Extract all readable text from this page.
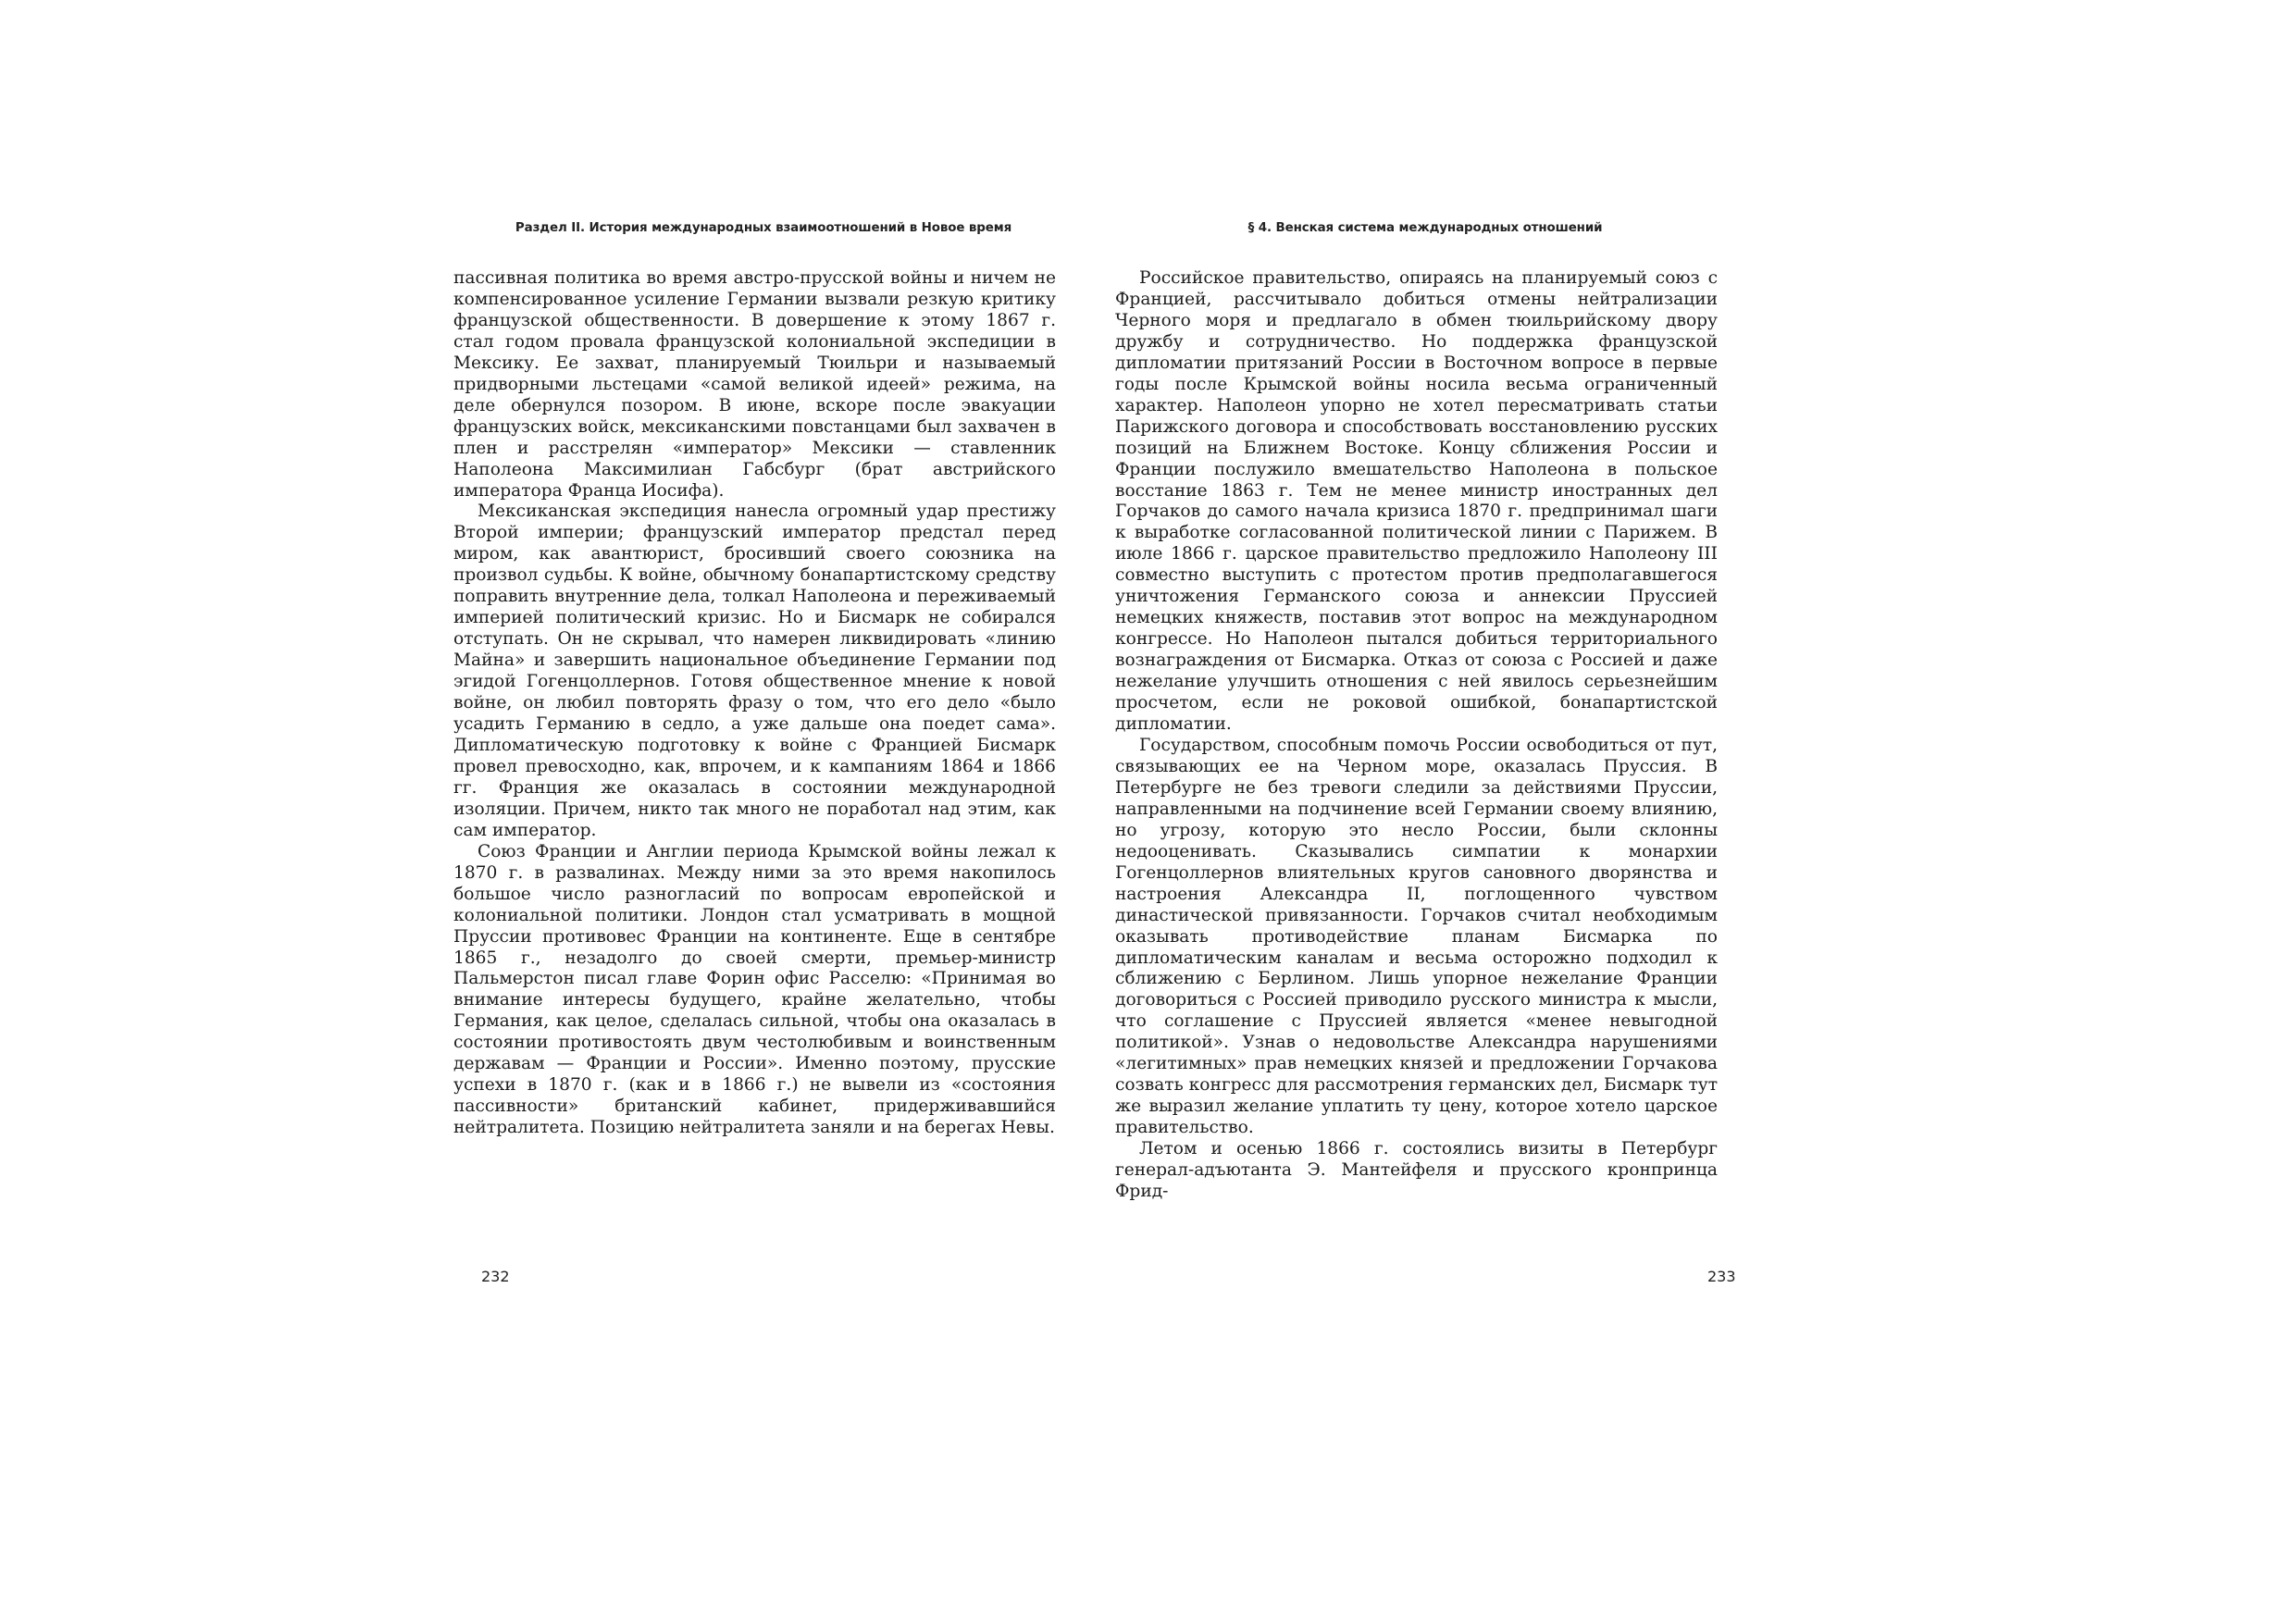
Раздел II. История международных взаимоотношений в Новое время

пассивная политика во время австро-прусской войны и ничем не компенсированное усиление Германии вызвали резкую критику французской общественности. В довершение к этому 1867 г. стал годом провала французской колониальной экспедиции в Мексику. Ее захват, планируемый Тюильри и называемый придворными льстецами «самой великой идеей» режима, на деле обернулся позором. В июне, вскоре после эвакуации французских войск, мексиканскими повстанцами был захвачен в плен и расстрелян «император» Мексики — ставленник Наполеона Максимилиан Габсбург (брат австрийского императора Франца Иосифа).

Мексиканская экспедиция нанесла огромный удар престижу Второй империи; французский император предстал перед миром, как авантюрист, бросивший своего союзника на произвол судьбы. К войне, обычному бонапартистскому средству поправить внутренние дела, толкал Наполеона и переживаемый империей политический кризис. Но и Бисмарк не собирался отступать. Он не скрывал, что намерен ликвидировать «линию Майна» и завершить национальное объединение Германии под эгидой Гогенцоллернов. Готовя общественное мнение к новой войне, он любил повторять фразу о том, что его дело «было усадить Германию в седло, а уже дальше она поедет сама». Дипломатическую подготовку к войне с Францией Бисмарк провел превосходно, как, впрочем, и к кампаниям 1864 и 1866 гг. Франция же оказалась в состоянии международной изоляции. Причем, никто так много не поработал над этим, как сам император.

Союз Франции и Англии периода Крымской войны лежал к 1870 г. в развалинах. Между ними за это время накопилось большое число разногласий по вопросам европейской и колониальной политики. Лондон стал усматривать в мощной Пруссии противовес Франции на континенте. Еще в сентябре 1865 г., незадолго до своей смерти, премьер-министр Пальмерстон писал главе Форин офис Расселю: «Принимая во внимание интересы будущего, крайне желательно, чтобы Германия, как целое, сделалась сильной, чтобы она оказалась в состоянии противостоять двум честолюбивым и воинственным державам — Франции и России». Именно поэтому, прусские успехи в 1870 г. (как и в 1866 г.) не вывели из «состояния пассивности» британский кабинет, придерживавшийся нейтралитета. Позицию нейтралитета заняли и на берегах Невы.

232
§ 4. Венская система международных отношений

Российское правительство, опираясь на планируемый союз с Францией, рассчитывало добиться отмены нейтрализации Черного моря и предлагало в обмен тюильрийскому двору дружбу и сотрудничество. Но поддержка французской дипломатии притязаний России в Восточном вопросе в первые годы после Крымской войны носила весьма ограниченный характер. Наполеон упорно не хотел пересматривать статьи Парижского договора и способствовать восстановлению русских позиций на Ближнем Востоке. Концу сближения России и Франции послужило вмешательство Наполеона в польское восстание 1863 г. Тем не менее министр иностранных дел Горчаков до самого начала кризиса 1870 г. предпринимал шаги к выработке согласованной политической линии с Парижем. В июле 1866 г. царское правительство предложило Наполеону III совместно выступить с протестом против предполагавшегося уничтожения Германского союза и аннексии Пруссией немецких княжеств, поставив этот вопрос на международном конгрессе. Но Наполеон пытался добиться территориального вознаграждения от Бисмарка. Отказ от союза с Россией и даже нежелание улучшить отношения с ней явилось серьезнейшим просчетом, если не роковой ошибкой, бонапартистской дипломатии.

Государством, способным помочь России освободиться от пут, связывающих ее на Черном море, оказалась Пруссия. В Петербурге не без тревоги следили за действиями Пруссии, направленными на подчинение всей Германии своему влиянию, но угрозу, которую это несло России, были склонны недооценивать. Сказывались симпатии к монархии Гогенцоллернов влиятельных кругов сановного дворянства и настроения Александра II, поглощенного чувством династической привязанности. Горчаков считал необходимым оказывать противодействие планам Бисмарка по дипломатическим каналам и весьма осторожно подходил к сближению с Берлином. Лишь упорное нежелание Франции договориться с Россией приводило русского министра к мысли, что соглашение с Пруссией является «менее невыгодной политикой». Узнав о недовольстве Александра нарушениями «легитимных» прав немецких князей и предложении Горчакова созвать конгресс для рассмотрения германских дел, Бисмарк тут же выразил желание уплатить ту цену, которое хотело царское правительство.

Летом и осенью 1866 г. состоялись визиты в Петербург генерал-адъютанта Э. Мантейфеля и прусского кронпринца Фрид-

233
